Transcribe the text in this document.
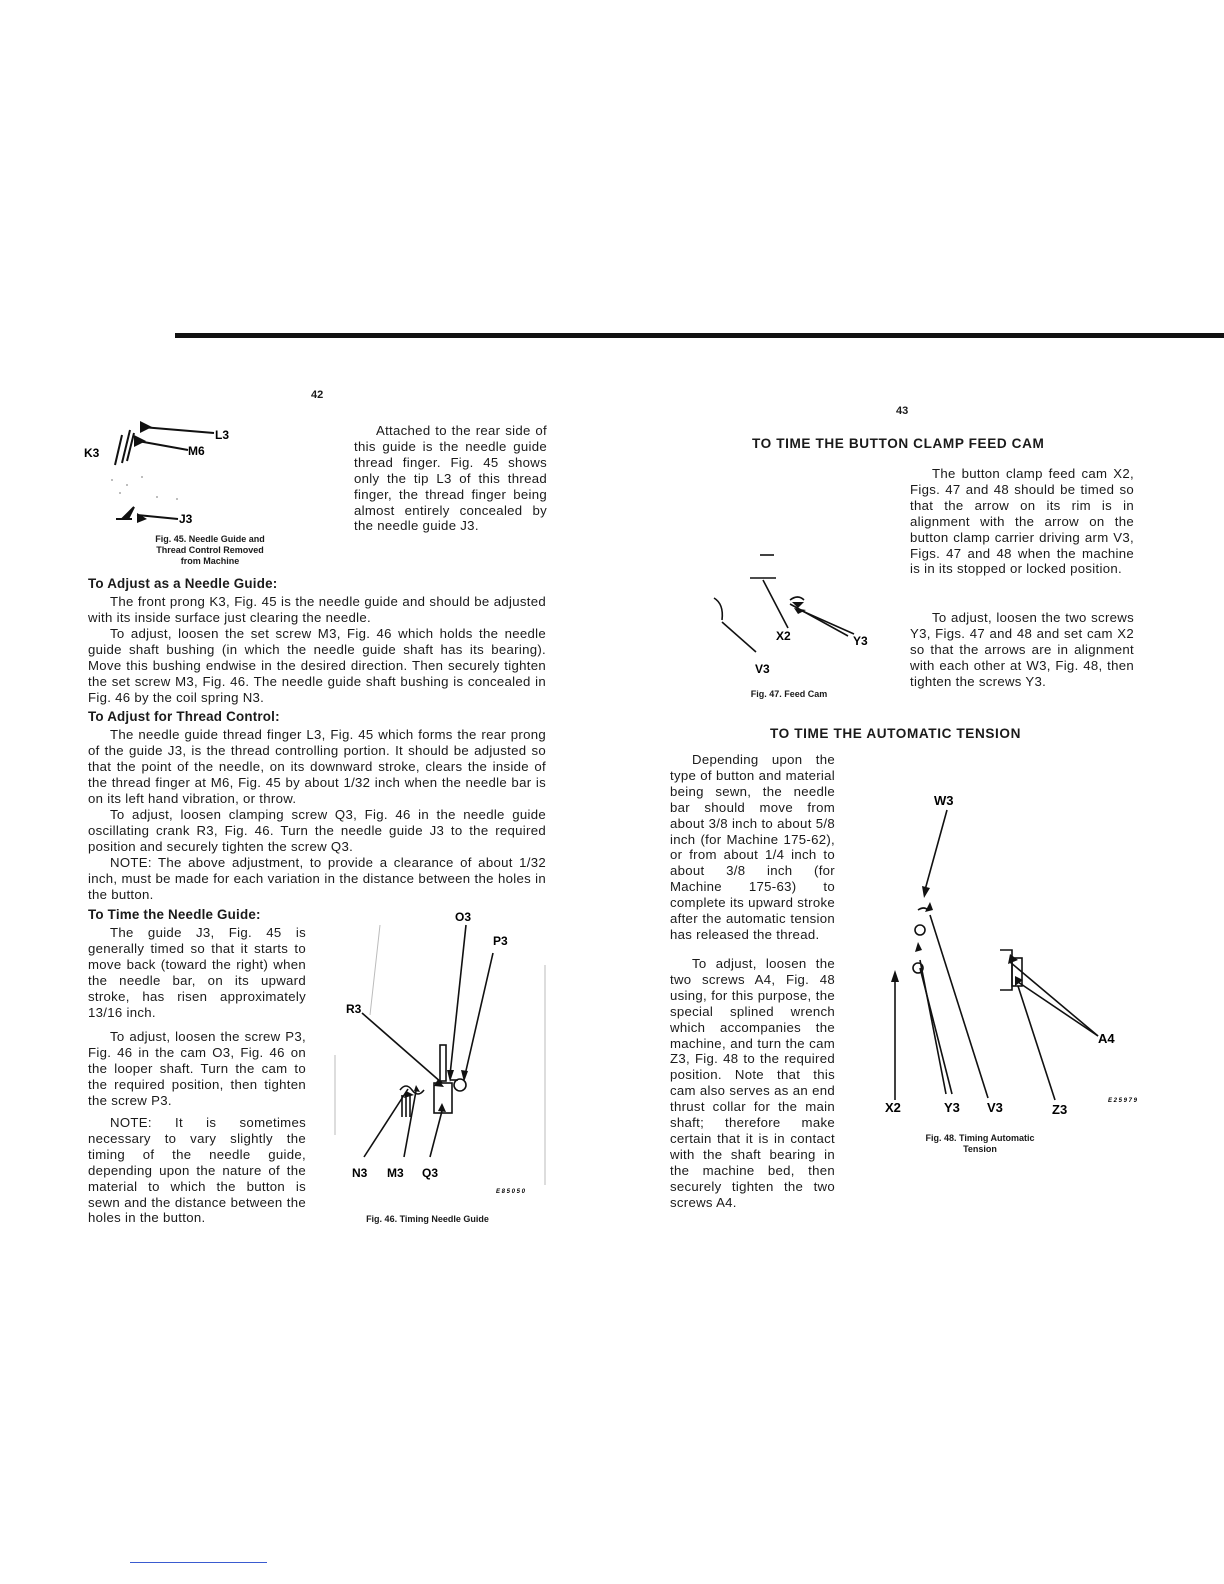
42
L3
K3	M6
J3
Fig. 45. Needle Guide and
Thread Control Removed
from Machine

Attached to the rear side of this guide is the needle guide thread finger. Fig. 45 shows only the tip L3 of this thread finger, the thread finger being almost entirely concealed by the needle guide J3.

To Adjust as a Needle Guide:

The front prong K3, Fig. 45 is the needle guide and should be adjusted with its inside surface just clearing the needle.

To adjust, loosen the set screw M3, Fig. 46 which holds the needle guide shaft bushing (in which the needle guide shaft has its bearing). Move this bushing endwise in the desired direction. Then securely tighten the set screw M3, Fig. 46. The needle guide shaft bushing is concealed in Fig. 46 by the coil spring N3.

To Adjust for Thread Control:

The needle guide thread finger L3, Fig. 45 which forms the rear prong of the guide J3, is the thread controlling portion. It should be adjusted so that the point of the needle, on its downward stroke, clears the inside of the thread finger at M6, Fig. 45 by about 1/32 inch when the needle bar is on its left hand vibration, or throw.

To adjust, loosen clamping screw Q3, Fig. 46 in the needle guide oscillating crank R3, Fig. 46. Turn the needle guide J3 to the required position and securely tighten the screw Q3.

NOTE: The above adjustment, to provide a clearance of about 1/32 inch, must be made for each variation in the distance between the holes in the button.

To Time the Needle Guide:

The guide J3, Fig. 45 is generally timed so that it starts to move back (toward the right) when the needle bar, on its upward stroke, has risen approximately 13/16 inch.

To adjust, loosen the screw P3, Fig. 46 in the cam O3, Fig. 46 on the looper shaft. Turn the cam to the required position, then tighten the screw P3.

NOTE: It is sometimes necessary to vary slightly the timing of the needle guide, depending upon the nature of the material to which the button is sewn and the distance between the holes in the button.

O3
P3
R3
N3 M3 Q3
E 8 5 0 5 0
Fig. 46. Timing Needle Guide
43
TO TIME THE BUTTON CLAMP FEED CAM

The button clamp feed cam X2, Figs. 47 and 48 should be timed so that the arrow on its rim is in alignment with the arrow on the button clamp carrier driving arm V3, Figs. 47 and 48 when the machine is in its stopped or locked position.

To adjust, loosen the two screws Y3, Figs. 47 and 48 and set cam X2 so that the arrows are in alignment with each other at W3, Fig. 48, then tighten the screws Y3.

X2	Y3
V3
Fig. 47. Feed Cam
TO TIME THE AUTOMATIC TENSION

Depending upon the type of button and material being sewn, the needle bar should move from about 3/8 inch to about 5/8 inch (for Machine 175-62), or from about 1/4 inch to about 3/8 inch (for Machine 175-63) to complete its upward stroke after the automatic tension has released the thread.

To adjust, loosen the two screws A4, Fig. 48 using, for this purpose, the special splined wrench which accompanies the machine, and turn the cam Z3, Fig. 48 to the required position. Note that this cam also serves as an end thrust collar for the main shaft; therefore make certain that it is in contact with the shaft bearing in the machine bed, then securely tighten the two screws A4.

W3
A4
X2	Y3 V3	Z3
E 2 5 9 7 9
Fig. 48. Timing Automatic
Tension
